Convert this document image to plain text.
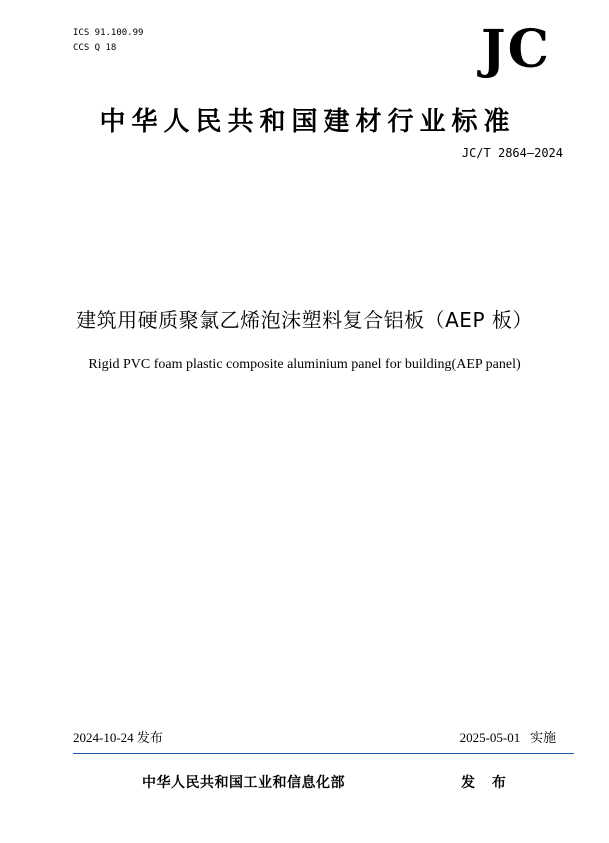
ICS 91.100.99
CCS Q 18	JC
中华人民共和国建材行业标准
JC/T 2864—2024
建筑用硬质聚氯乙烯泡沫塑料复合铝板（AEP 板）
Rigid PVC foam plastic composite aluminium panel for building(AEP panel)
2024-10-24 发布	2025-05-01   实施
中华人民共和国工业和信息化部	发 布
